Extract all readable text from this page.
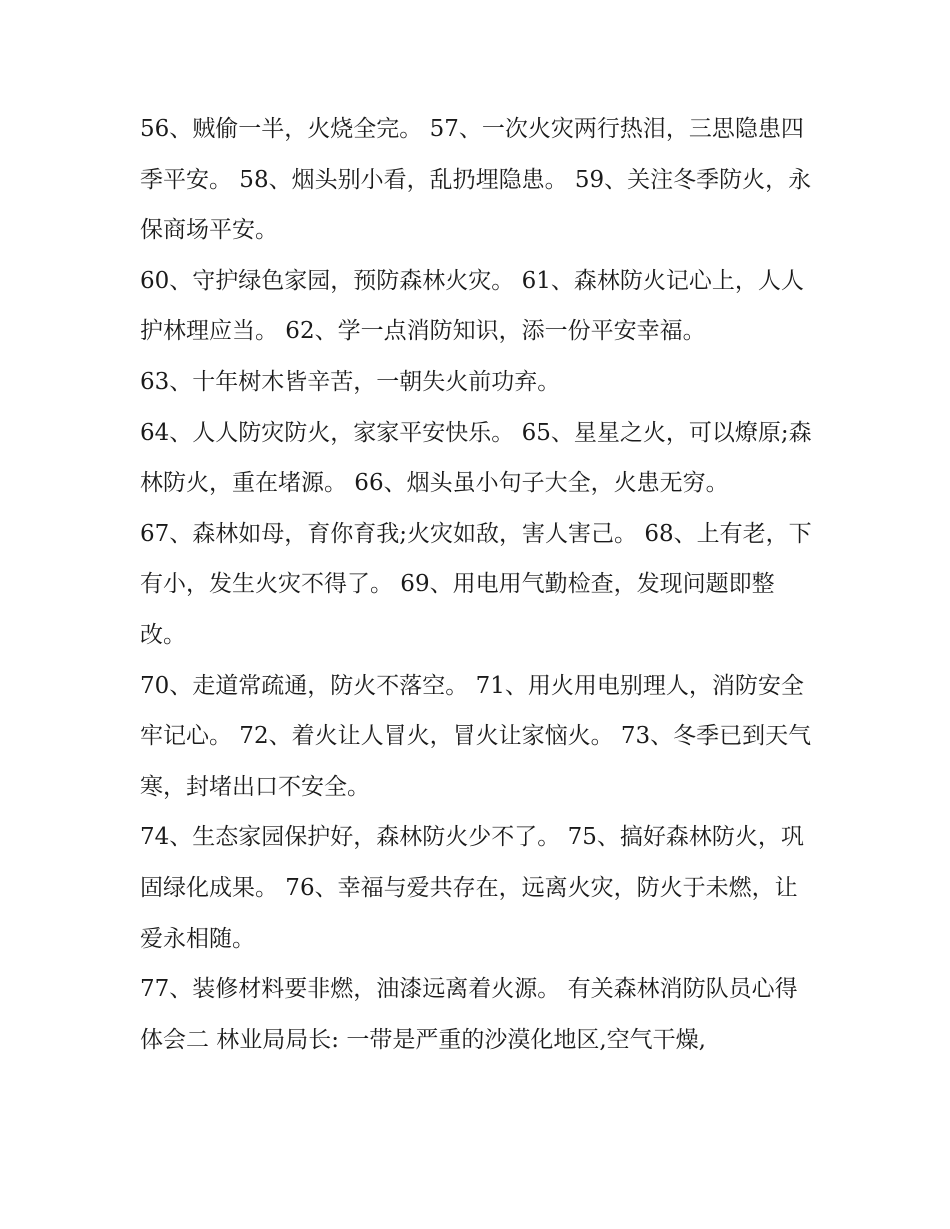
56、贼偷一半，火烧全完。 57、一次火灾两行热泪，三思隐患四季平安。 58、烟头别小看，乱扔埋隐患。 59、关注冬季防火，永保商场平安。

60、守护绿色家园，预防森林火灾。 61、森林防火记心上，人人护林理应当。 62、学一点消防知识，添一份平安幸福。

63、十年树木皆辛苦，一朝失火前功弃。

64、人人防灾防火，家家平安快乐。 65、星星之火，可以燎原;森林防火，重在堵源。 66、烟头虽小句子大全，火患无穷。

67、森林如母，育你育我;火灾如敌，害人害己。 68、上有老，下有小，发生火灾不得了。 69、用电用气勤检查，发现问题即整改。

70、走道常疏通，防火不落空。 71、用火用电别理人，消防安全牢记心。 72、着火让人冒火，冒火让家恼火。 73、冬季已到天气寒，封堵出口不安全。

74、生态家园保护好，森林防火少不了。 75、搞好森林防火，巩固绿化成果。 76、幸福与爱共存在，远离火灾，防火于未燃，让爱永相随。

77、装修材料要非燃，油漆远离着火源。 有关森林消防队员心得体会二 林业局局长: 一带是严重的沙漠化地区,空气干燥,
